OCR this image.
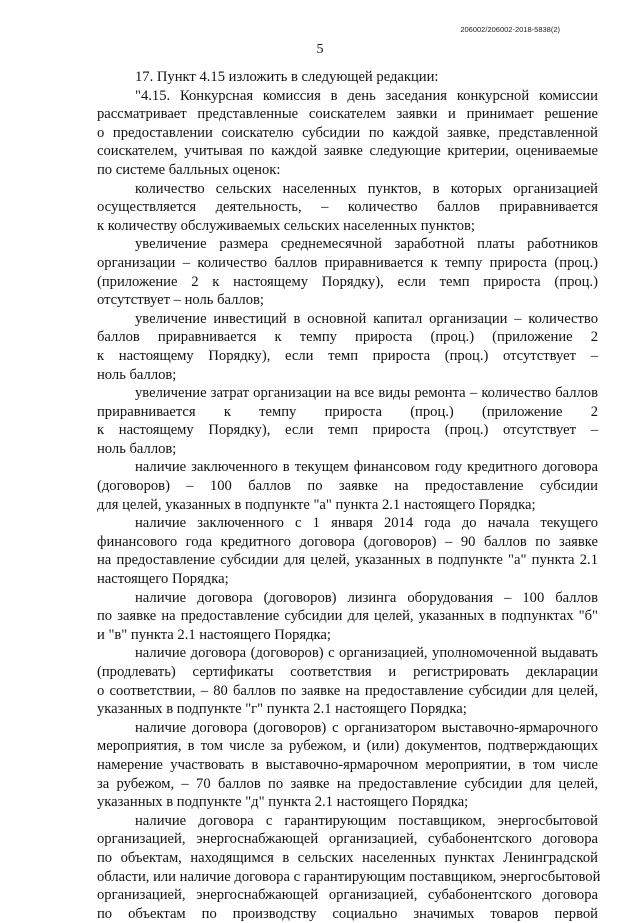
206002/206002-2018-5838(2)
5
17. Пункт 4.15 изложить в следующей редакции:
"4.15. Конкурсная комиссия в день заседания конкурсной комиссии
рассматривает представленные соискателем заявки и принимает решение
о предоставлении соискателю субсидии по каждой заявке, представленной
соискателем, учитывая по каждой заявке следующие критерии, оцениваемые
по системе балльных оценок:
количество сельских населенных пунктов, в которых организацией
осуществляется деятельность, – количество баллов приравнивается
к количеству обслуживаемых сельских населенных пунктов;
увеличение размера среднемесячной заработной платы работников
организации – количество баллов приравнивается к темпу прироста (проц.)
(приложение 2 к настоящему Порядку), если темп прироста (проц.)
отсутствует – ноль баллов;
увеличение инвестиций в основной капитал организации – количество
баллов приравнивается к темпу прироста (проц.) (приложение 2
к настоящему Порядку), если темп прироста (проц.) отсутствует –
ноль баллов;
увеличение затрат организации на все виды ремонта – количество баллов
приравнивается к темпу прироста (проц.) (приложение 2
к настоящему Порядку), если темп прироста (проц.) отсутствует –
ноль баллов;
наличие заключенного в текущем финансовом году кредитного договора
(договоров) – 100 баллов по заявке на предоставление субсидии
для целей, указанных в подпункте "а" пункта 2.1 настоящего Порядка;
наличие заключенного с 1 января 2014 года до начала текущего
финансового года кредитного договора (договоров) – 90 баллов по заявке
на предоставление субсидии для целей, указанных в подпункте "а" пункта 2.1
настоящего Порядка;
наличие договора (договоров) лизинга оборудования – 100 баллов
по заявке на предоставление субсидии для целей, указанных в подпунктах "б"
и "в" пункта 2.1 настоящего Порядка;
наличие договора (договоров) с организацией, уполномоченной выдавать
(продлевать) сертификаты соответствия и регистрировать декларации
о соответствии, – 80 баллов по заявке на предоставление субсидии для целей,
указанных в подпункте "г" пункта 2.1 настоящего Порядка;
наличие договора (договоров) с организатором выставочно-ярмарочного
мероприятия, в том числе за рубежом, и (или) документов, подтверждающих
намерение участвовать в выставочно-ярмарочном мероприятии, в том числе
за рубежом, – 70 баллов по заявке на предоставление субсидии для целей,
указанных в подпункте "д" пункта 2.1 настоящего Порядка;
наличие договора с гарантирующим поставщиком, энергосбытовой
организацией, энергоснабжающей организацией, субабонентского договора
по объектам, находящимся в сельских населенных пунктах Ленинградской
области, или наличие договора с гарантирующим поставщиком, энергосбытовой
организацией, энергоснабжающей организацией, субабонентского договора
по объектам по производству социально значимых товаров первой
